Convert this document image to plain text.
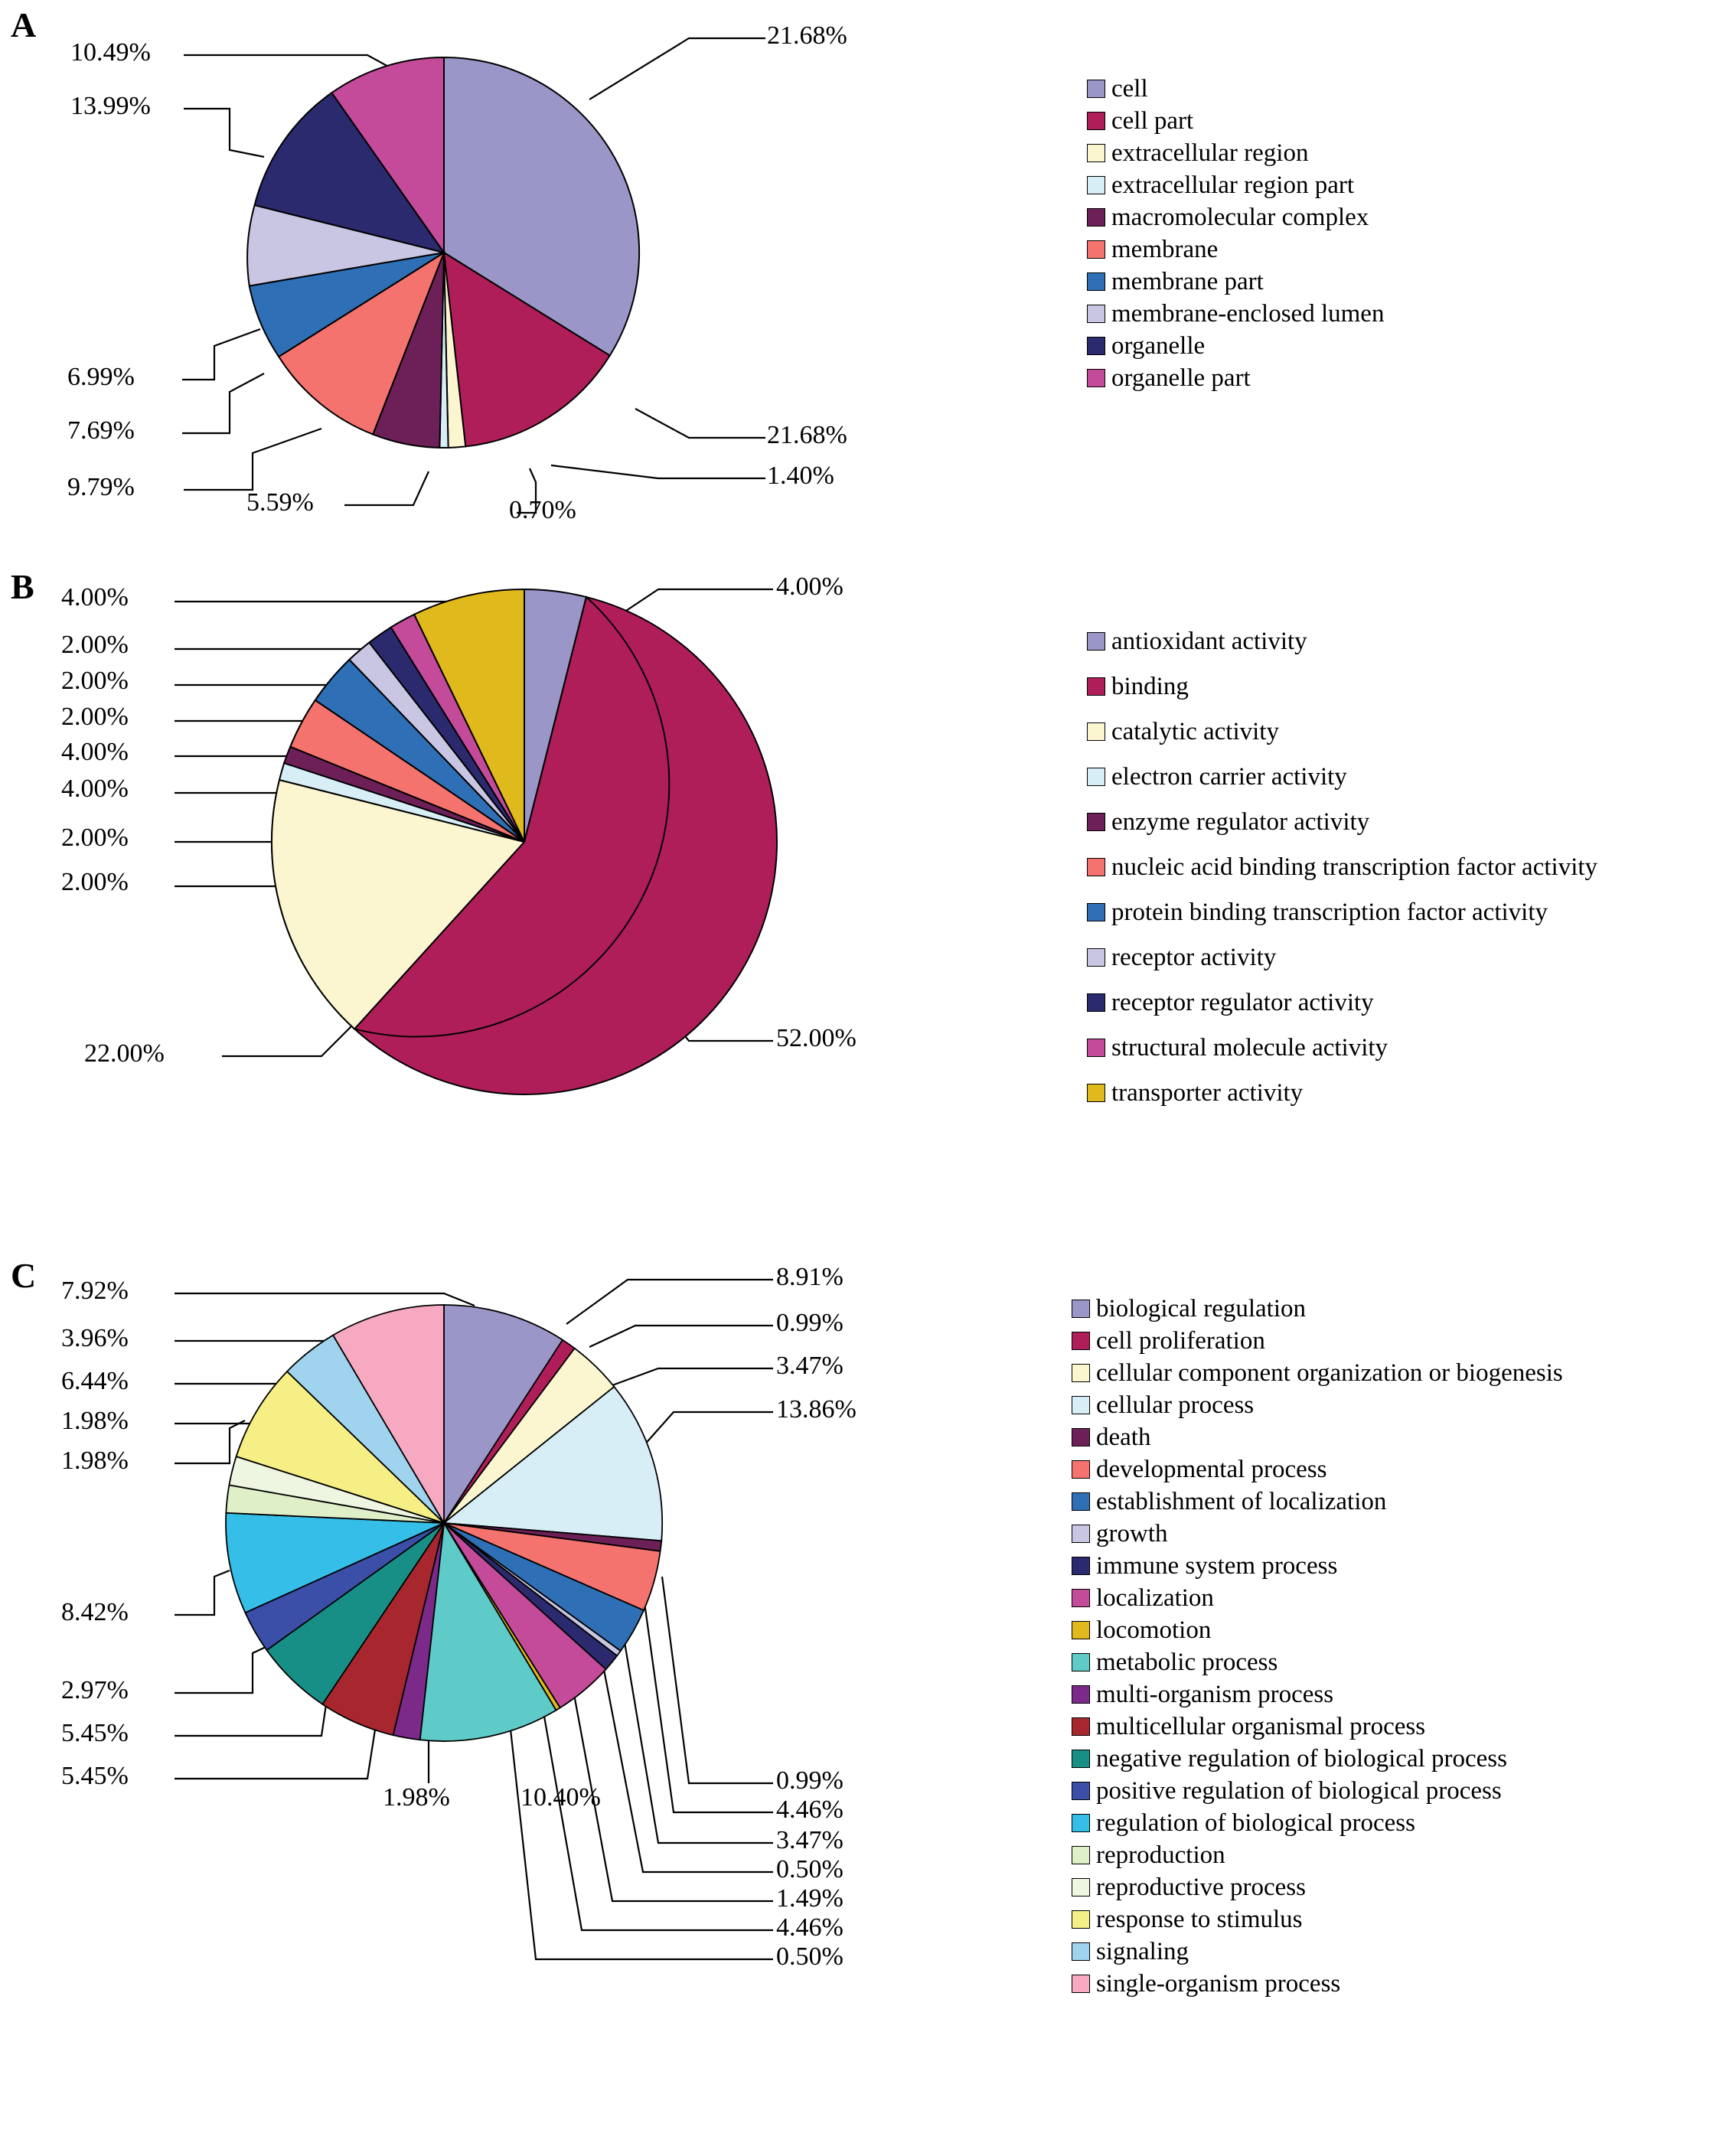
A
10.49%
13.99%
6.99%
7.69%
9.79%
5.59%	0.70%
21.68%
21.68%
1.40%
cell
cell part
extracellular region
extracellular region part
macromolecular complex
membrane
membrane part
membrane-enclosed lumen
organelle
organelle part
B 4.00%
2.00%
2.00%
2.00%
4.00%
4.00%
2.00%
2.00%
22.00%
4.00%
52.00%
antioxidant activity
binding
catalytic activity
electron carrier activity
enzyme regulator activity
nucleic acid binding transcription factor activity
protein binding transcription factor activity
receptor activity
receptor regulator activity
structural molecule activity
transporter activity
C 7.92%
3.96%
6.44%
1.98%
1.98%
8.42%
2.97%
5.45%
5.45%
1.98%	10.40%
8.91%
0.99%
3.47%
13.86%
0.99%
4.46%
3.47%
0.50%
1.49%
4.46%
0.50%
biological regulation
cell proliferation
cellular component organization or biogenesis
cellular process
death
developmental process
establishment of localization
growth
immune system process
localization
locomotion
metabolic process
multi-organism process
multicellular organismal process
negative regulation of biological process
positive regulation of biological process
regulation of biological process
reproduction
reproductive process
response to stimulus
signaling
single-organism process
